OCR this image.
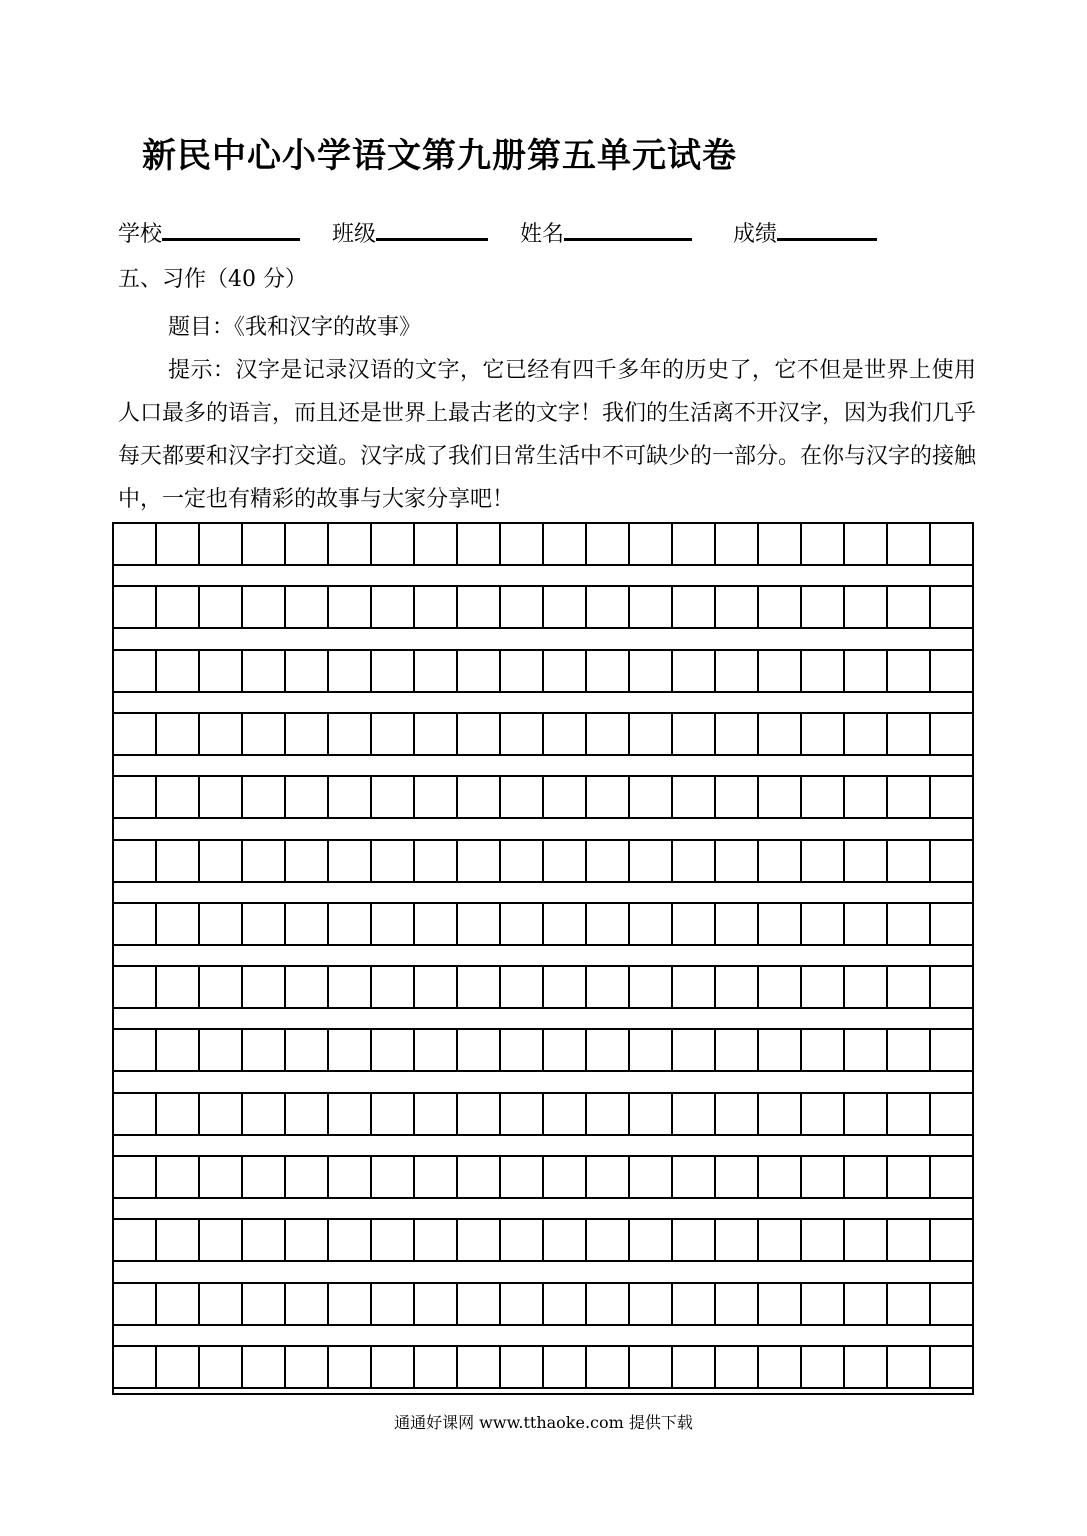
新民中心小学语文第九册第五单元试卷
学校	班级	姓名	成绩
五、习作（40 分）
题目：《我和汉字的故事》

提示：汉字是记录汉语的文字，它已经有四千多年的历史了，它不但是世界上使用人口最多的语言，而且还是世界上最古老的文字！我们的生活离不开汉字，因为我们几乎每天都要和汉字打交道。汉字成了我们日常生活中不可缺少的一部分。在你与汉字的接触中，一定也有精彩的故事与大家分享吧！

通通好课网 www.tthaoke.com 提供下载
